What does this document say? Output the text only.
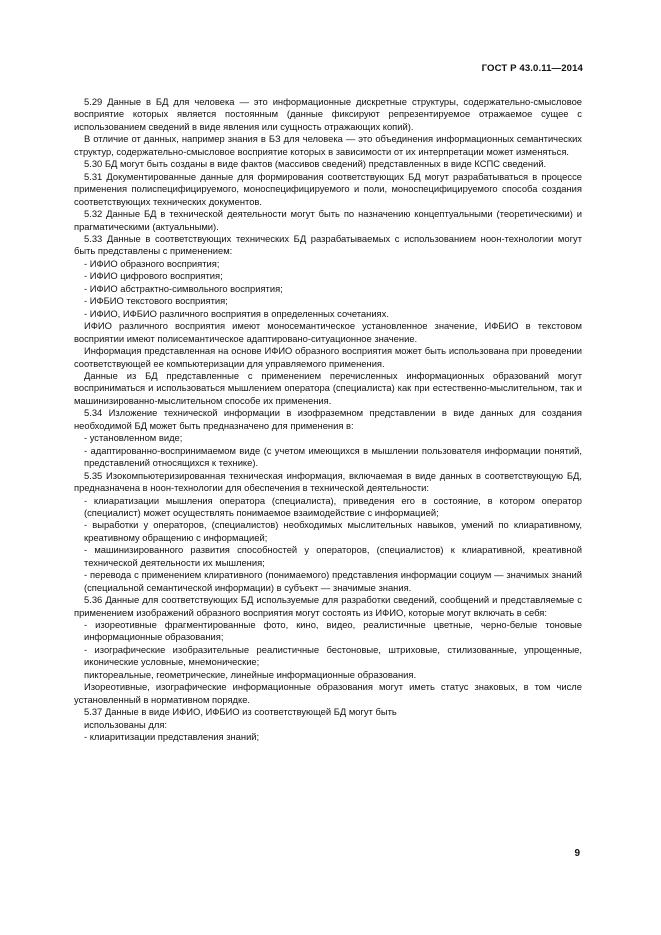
ГОСТ Р 43.0.11—2014

5.29 Данные в БД для человека — это информационные дискретные структуры, содержательно-смысловое восприятие которых является постоянным (данные фиксируют репрезентируемое отражаемое сущее с использованием сведений в виде явления или сущность отражающих копий).

В отличие от данных, например знания в БЗ для человека — это объединения информационных семантических структур, содержательно-смысловое восприятие которых в зависимости от их интерпретации может изменяться.

5.30 БД могут быть созданы в виде фактов (массивов сведений) представленных в виде КСПС сведений.

5.31 Документированные данные для формирования соответствующих БД могут разрабатываться в процессе применения полиспецифицируемого, моноспецифицируемого и поли, моноспецифицируемого способа создания соответствующих технических документов.

5.32 Данные БД в технической деятельности могут быть по назначению концептуальными (теоретическими) и прагматическими (актуальными).

5.33 Данные в соответствующих технических БД разрабатываемых с использованием ноон-технологии могут быть представлены с применением:

- ИФИО образного восприятия;

- ИФИО цифрового восприятия;

- ИФИО абстрактно-символьного восприятия;

- ИФБИО текстового восприятия;

- ИФИО, ИФБИО различного восприятия в определенных сочетаниях.

ИФИО различного восприятия имеют моносемантическое установленное значение, ИФБИО в текстовом восприятии имеют полисемантическое адаптировано-ситуационное значение.

Информация представленная на основе ИФИО образного восприятия может быть использована при проведении соответствующей ее компьютеризации для управляемого применения.

Данные из БД представленные с применением перечисленных информационных образований могут восприниматься и использоваться мышлением оператора (специалиста) как при естественно-мыслительном, так и машинизированно-мыслительном способе их применения.

5.34 Изложение технической информации в изофраземном представлении в виде данных для создания необходимой БД может быть предназначено для применения в:

- установленном виде;

- адаптированно-воспринимаемом виде (с учетом имеющихся в мышлении пользователя информации понятий, представлений относящихся к технике).

5.35 Изокомпьютеризированная техническая информация, включаемая в виде данных в соответствующую БД, предназначена в ноон-технологии для обеспечения в технической деятельности:

- клиаратизации мышления оператора (специалиста), приведения его в состояние, в котором оператор (специалист) может осуществлять понимаемое взаимодействие с информацией;

- выработки у операторов, (специалистов) необходимых мыслительных навыков, умений по клиаративному, креативному обращению с информацией;

- машинизированного развития способностей у операторов, (специалистов) к клиаративной, креативной технической деятельности их мышления;

- перевода с применением клиративного (понимаемого) представления информации социум — значимых знаний (специальной семантической информации) в субъект — значимые знания.

5.36 Данные для соответствующих БД используемые для разработки сведений, сообщений и представляемые с применением изображений образного восприятия могут состоять из ИФИО, которые могут включать в себя:

- изореотивные фрагментированные фото, кино, видео, реалистичные цветные, черно-белые тоновые информационные образования;

- изографические изобразительные реалистичные бестоновые, штриховые, стилизованные, упрощенные, иконические условные, мнемонические;

пиктореальные, геометрические, линейные информационные образования.

Изореотивные, изографические информационные образования могут иметь статус знаковых, в том числе установленный в нормативном порядке.

5.37 Данные в виде ИФИО, ИФБИО из соответствующей БД могут быть

использованы для:

- клиаритизации представления знаний;

9
